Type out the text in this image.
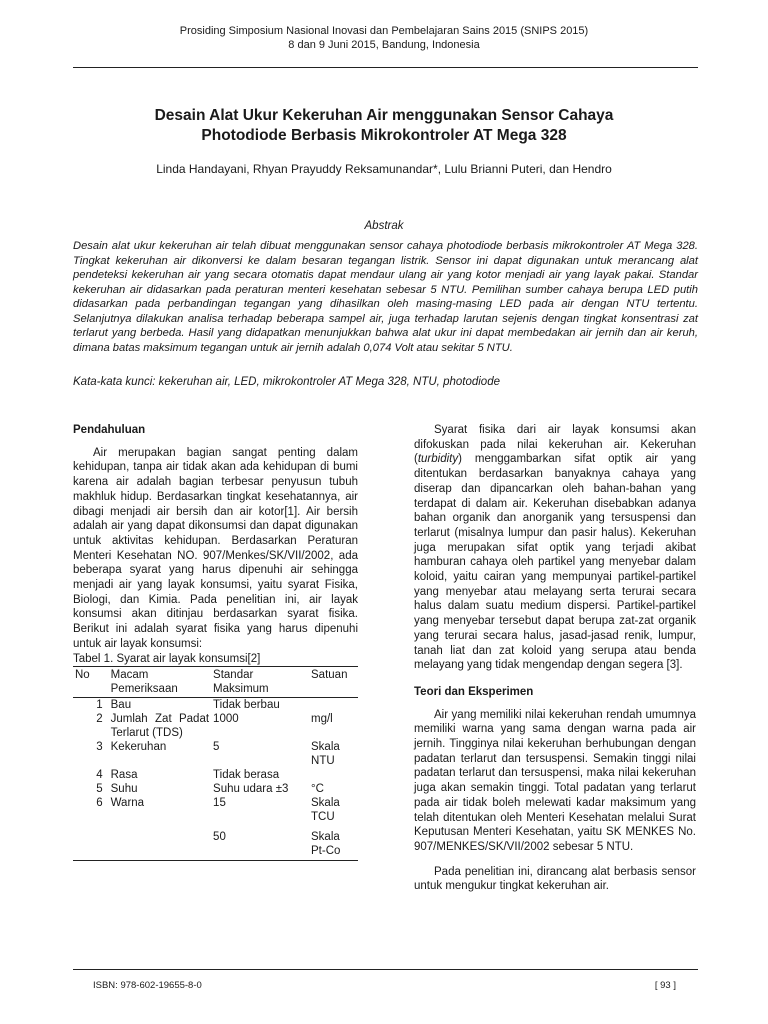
Prosiding Simposium Nasional Inovasi dan Pembelajaran Sains 2015 (SNIPS 2015)
8 dan 9 Juni 2015, Bandung, Indonesia
Desain Alat Ukur Kekeruhan Air menggunakan Sensor Cahaya
Photodiode Berbasis Mikrokontroler AT Mega 328
Linda Handayani, Rhyan Prayuddy Reksamunandar*, Lulu Brianni Puteri, dan Hendro
Abstrak

Desain alat ukur kekeruhan air telah dibuat menggunakan sensor cahaya photodiode berbasis mikrokontroler AT Mega 328. Tingkat kekeruhan air dikonversi ke dalam besaran tegangan listrik. Sensor ini dapat digunakan untuk merancang alat pendeteksi kekeruhan air yang secara otomatis dapat mendaur ulang air yang kotor menjadi air yang layak pakai. Standar kekeruhan air didasarkan pada peraturan menteri kesehatan sebesar 5 NTU. Pemilihan sumber cahaya berupa LED putih didasarkan pada perbandingan tegangan yang dihasilkan oleh masing-masing LED pada air dengan NTU tertentu. Selanjutnya dilakukan analisa terhadap beberapa sampel air, juga terhadap larutan sejenis dengan tingkat konsentrasi zat terlarut yang berbeda. Hasil yang didapatkan menunjukkan bahwa alat ukur ini dapat membedakan air jernih dan air keruh, dimana batas maksimum tegangan untuk air jernih adalah 0,074 Volt atau sekitar 5 NTU.

Kata-kata kunci: kekeruhan air, LED, mikrokontroler AT Mega 328, NTU, photodiode

Pendahuluan

Air merupakan bagian sangat penting dalam kehidupan, tanpa air tidak akan ada kehidupan di bumi karena air adalah bagian terbesar penyusun tubuh makhluk hidup. Berdasarkan tingkat kesehatannya, air dibagi menjadi air bersih dan air kotor[1]. Air bersih adalah air yang dapat dikonsumsi dan dapat digunakan untuk aktivitas kehidupan. Berdasarkan Peraturan Menteri Kesehatan NO. 907/Menkes/SK/VII/2002, ada beberapa syarat yang harus dipenuhi air sehingga menjadi air yang layak konsumsi, yaitu syarat Fisika, Biologi, dan Kimia. Pada penelitian ini, air layak konsumsi akan ditinjau berdasarkan syarat fisika. Berikut ini adalah syarat fisika yang harus dipenuhi untuk air layak konsumsi:

Tabel 1. Syarat air layak konsumsi[2]

No	Macam Pemeriksaan	Standar Maksimum	Satuan
1	Bau	Tidak berbau	
2	Jumlah Zat Padat Terlarut (TDS)	1000	mg/l
3	Kekeruhan	5	Skala NTU
4	Rasa	Tidak berasa	
5	Suhu	Suhu udara ±3	°C
6	Warna	15	Skala TCU
		50	Skala Pt-Co

Syarat fisika dari air layak konsumsi akan difokuskan pada nilai kekeruhan air. Kekeruhan (turbidity) menggambarkan sifat optik air yang ditentukan berdasarkan banyaknya cahaya yang diserap dan dipancarkan oleh bahan-bahan yang terdapat di dalam air. Kekeruhan disebabkan adanya bahan organik dan anorganik yang tersuspensi dan terlarut (misalnya lumpur dan pasir halus). Kekeruhan juga merupakan sifat optik yang terjadi akibat hamburan cahaya oleh partikel yang menyebar dalam koloid, yaitu cairan yang mempunyai partikel-partikel yang menyebar atau melayang serta terurai secara halus dalam suatu medium dispersi. Partikel-partikel yang menyebar tersebut dapat berupa zat-zat organik yang terurai secara halus, jasad-jasad renik, lumpur, tanah liat dan zat koloid yang serupa atau benda melayang yang tidak mengendap dengan segera [3].

Teori dan Eksperimen

Air yang memiliki nilai kekeruhan rendah umumnya memiliki warna yang sama dengan warna pada air jernih. Tingginya nilai kekeruhan berhubungan dengan padatan terlarut dan tersuspensi. Semakin tinggi nilai padatan terlarut dan tersuspensi, maka nilai kekeruhan juga akan semakin tinggi. Total padatan yang terlarut pada air tidak boleh melewati kadar maksimum yang telah ditentukan oleh Menteri Kesehatan melalui Surat Keputusan Menteri Kesehatan, yaitu SK MENKES No. 907/MENKES/SK/VII/2002 sebesar 5 NTU.

Pada penelitian ini, dirancang alat berbasis sensor untuk mengukur tingkat kekeruhan air.

ISBN: 978-602-19655-8-0	[ 93 ]
